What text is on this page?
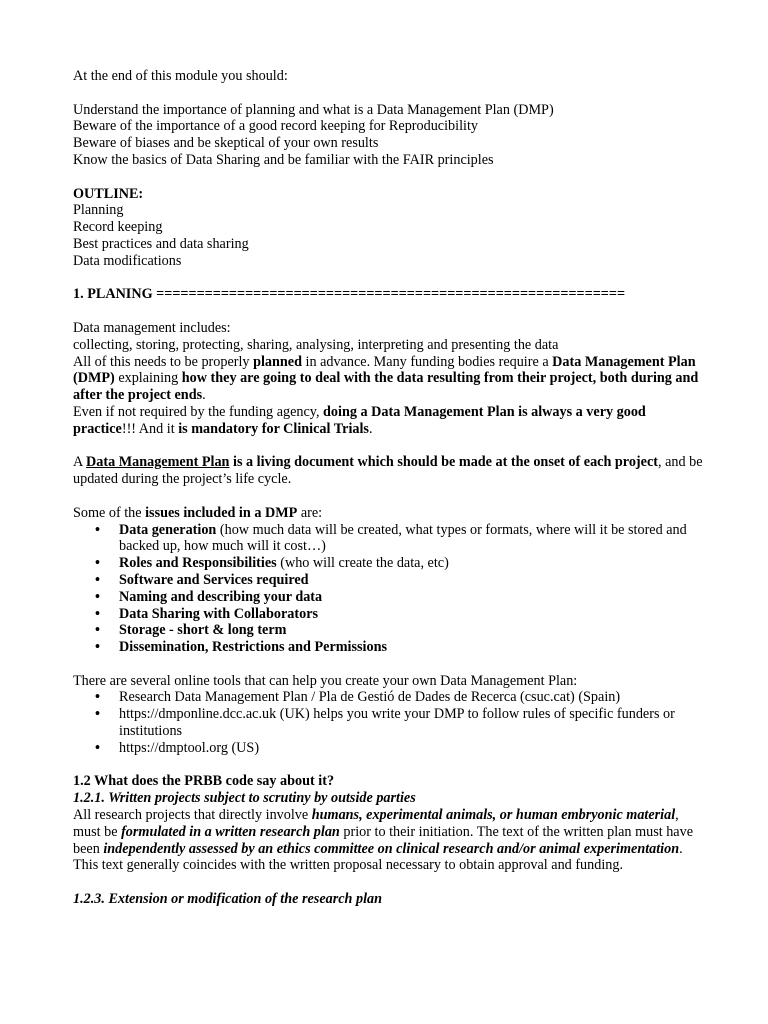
At the end of this module you should:

Understand the importance of planning and what is a Data Management Plan (DMP)

Beware of the importance of a good record keeping for Reproducibility

Beware of biases and be skeptical of your own results

Know the basics of Data Sharing and be familiar with the FAIR principles

OUTLINE:

Planning

Record keeping

Best practices and data sharing

Data modifications

1. PLANING ==========================================================

Data management includes:

collecting, storing, protecting, sharing, analysing, interpreting and presenting the data

All of this needs to be properly planned in advance. Many funding bodies require a Data Management Plan (DMP) explaining how they are going to deal with the data resulting from their project, both during and after the project ends.

Even if not required by the funding agency, doing a Data Management Plan is always a very good practice!!! And it is mandatory for Clinical Trials.

A Data Management Plan is a living document which should be made at the onset of each project, and be updated during the project’s life cycle.

Some of the issues included in a DMP are:

• Data generation (how much data will be created, what types or formats, where will it be stored and backed up, how much will it cost…)
• Roles and Responsibilities (who will create the data, etc)
• Software and Services required
• Naming and describing your data
• Data Sharing with Collaborators
• Storage - short & long term
• Dissemination, Restrictions and Permissions

There are several online tools that can help you create your own Data Management Plan:

• Research Data Management Plan / Pla de Gestió de Dades de Recerca (csuc.cat) (Spain)
• https://dmponline.dcc.ac.uk (UK) helps you write your DMP to follow rules of specific funders or institutions
• https://dmptool.org (US)

1.2 What does the PRBB code say about it?

1.2.1. Written projects subject to scrutiny by outside parties

All research projects that directly involve humans, experimental animals, or human embryonic material, must be formulated in a written research plan prior to their initiation. The text of the written plan must have been independently assessed by an ethics committee on clinical research and/or animal experimentation. This text generally coincides with the written proposal necessary to obtain approval and funding.

1.2.3. Extension or modification of the research plan
